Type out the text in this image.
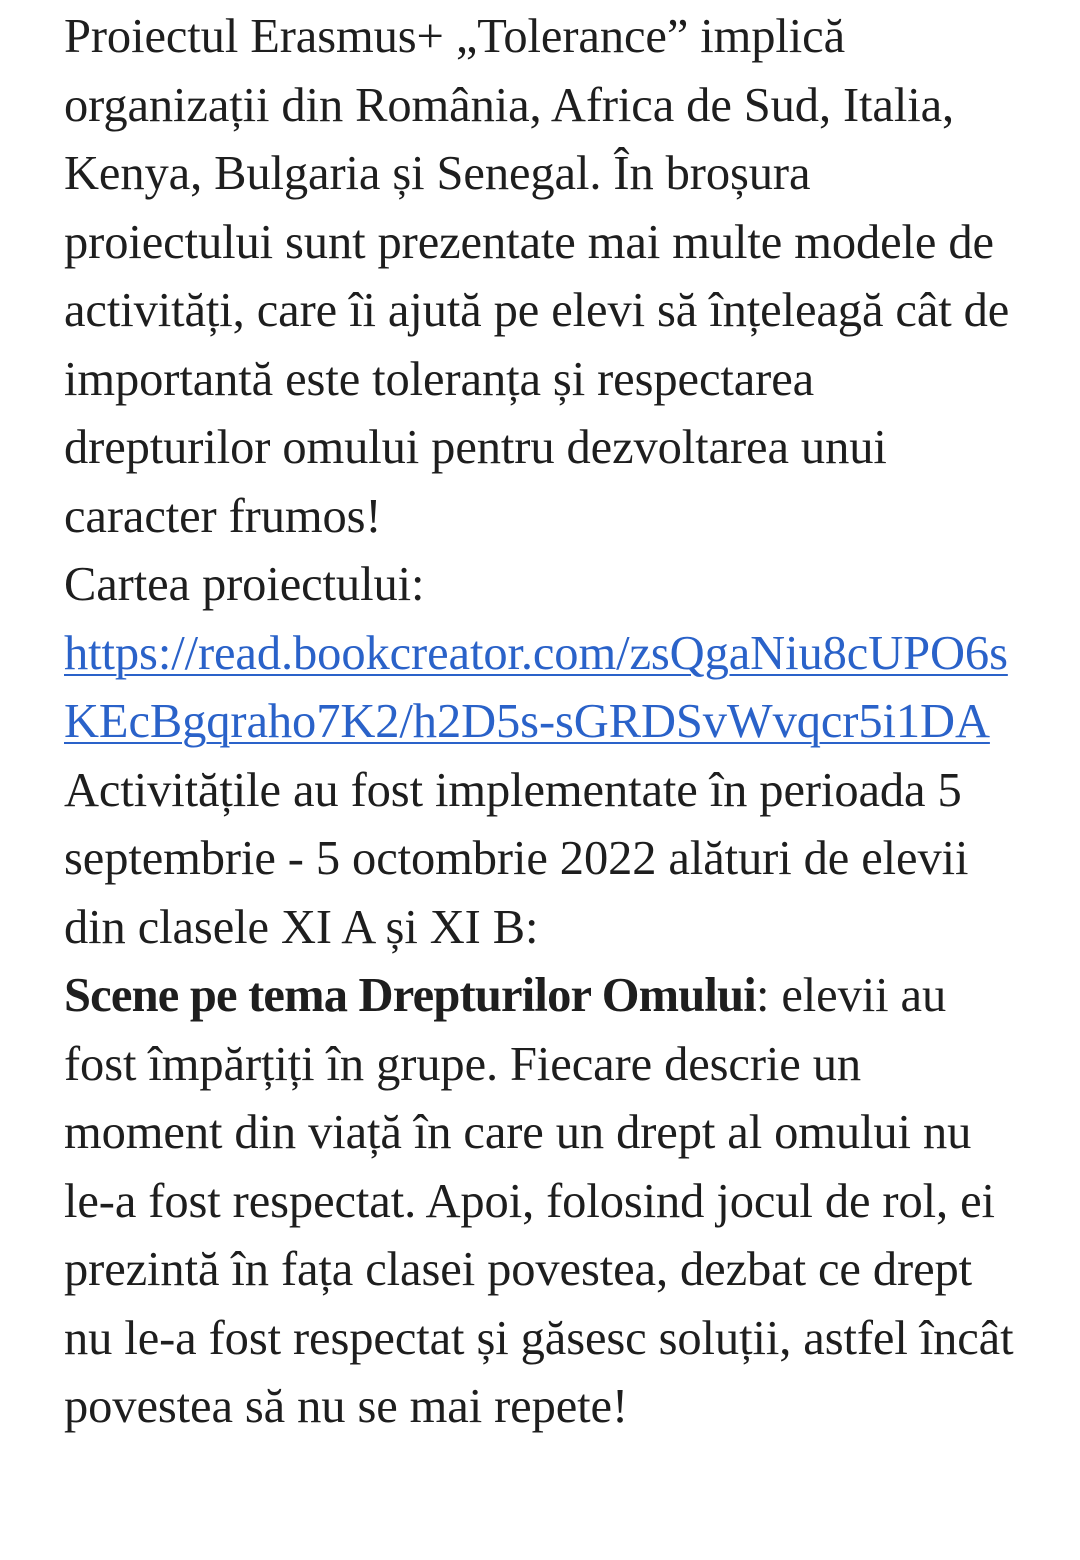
Proiectul Erasmus+ „Tolerance” implică organizații din România, Africa de Sud, Italia, Kenya, Bulgaria și Senegal. În broșura proiectului sunt prezentate mai multe modele de activități, care îi ajută pe elevi să înțeleagă cât de importantă este toleranța și respectarea drepturilor omului pentru dezvoltarea unui caracter frumos!

Cartea proiectului:

https://read.bookcreator.com/zsQgaNiu8cUPO6sKEcBgqraho7K2/h2D5s-sGRDSvWvqcr5i1DA

Activitățile au fost implementate în perioada 5 septembrie - 5 octombrie 2022 alături de elevii din clasele XI A și XI B:

Scene pe tema Drepturilor Omului: elevii au fost împărțiți în grupe. Fiecare descrie un moment din viață în care un drept al omului nu le-a fost respectat. Apoi, folosind jocul de rol, ei prezintă în fața clasei povestea, dezbat ce drept nu le-a fost respectat și găsesc soluții, astfel încât povestea să nu se mai repete!
